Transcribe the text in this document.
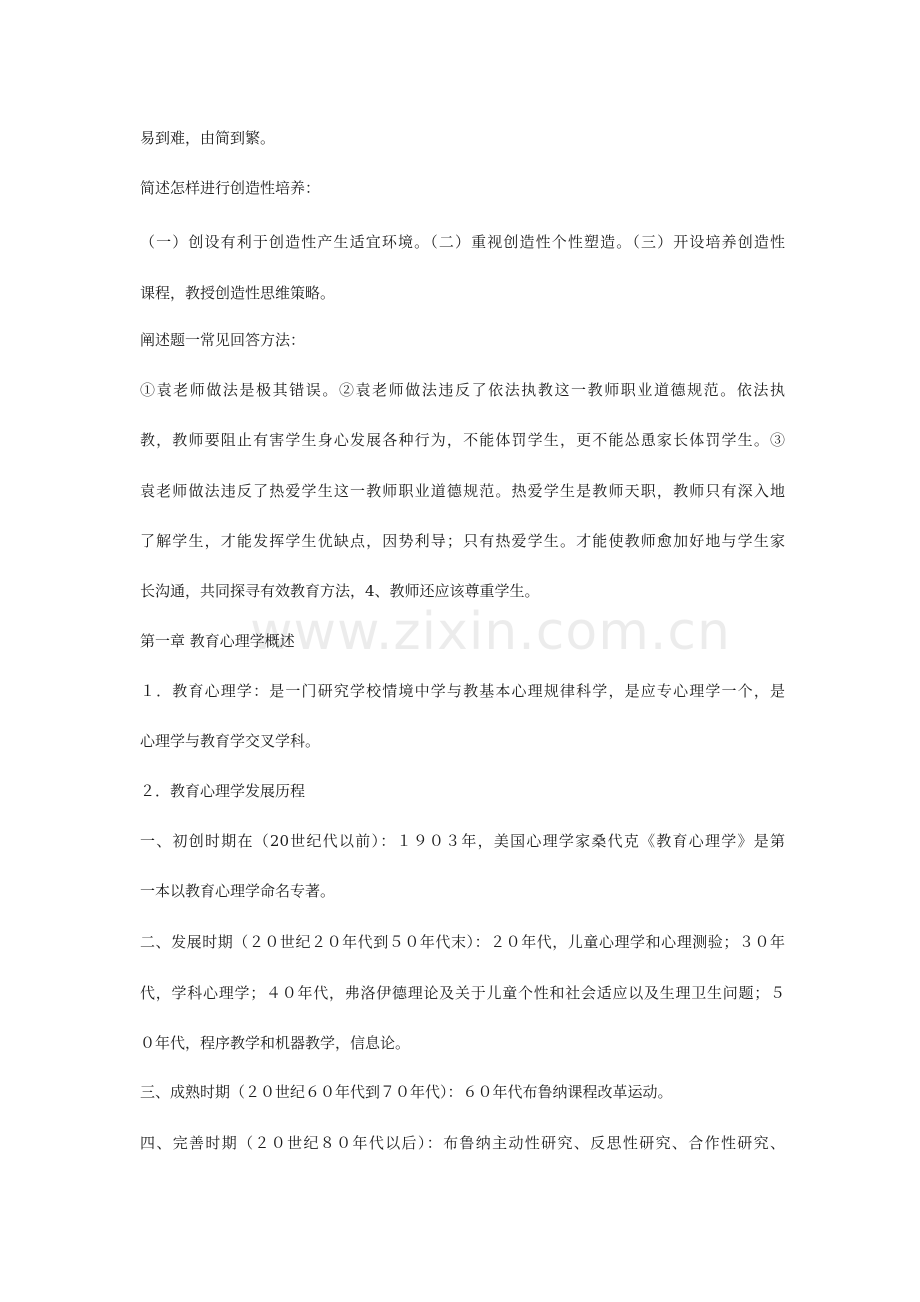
www.zixin.com.cn
易到难，由简到繁。
简述怎样进行创造性培养：
（一）创设有利于创造性产生适宜环境。（二）重视创造性个性塑造。（三）开设培养创造性
课程，教授创造性思维策略。
阐述题一常见回答方法：
①袁老师做法是极其错误。②袁老师做法违反了依法执教这一教师职业道德规范。依法执
教，教师要阻止有害学生身心发展各种行为，不能体罚学生，更不能怂恿家长体罚学生。③
袁老师做法违反了热爱学生这一教师职业道德规范。热爱学生是教师天职，教师只有深入地
了解学生，才能发挥学生优缺点，因势利导；只有热爱学生。才能使教师愈加好地与学生家
长沟通，共同探寻有效教育方法，4、教师还应该尊重学生。
第一章 教育心理学概述
１．教育心理学：是一门研究学校情境中学与教基本心理规律科学，是应专心理学一个，是
心理学与教育学交叉学科。
２．教育心理学发展历程
一、初创时期在（20世纪代以前）：１９０３年，美国心理学家桑代克《教育心理学》是第
一本以教育心理学命名专著。
二、发展时期（２０世纪２０年代到５０年代末）：２０年代，儿童心理学和心理测验；３０年
代，学科心理学；４０年代，弗洛伊德理论及关于儿童个性和社会适应以及生理卫生问题；５
０年代，程序教学和机器教学，信息论。
三、成熟时期（２０世纪６０年代到７０年代）：６０年代布鲁纳课程改革运动。
四、完善时期（２０世纪８０年代以后）：布鲁纳主动性研究、反思性研究、合作性研究、
